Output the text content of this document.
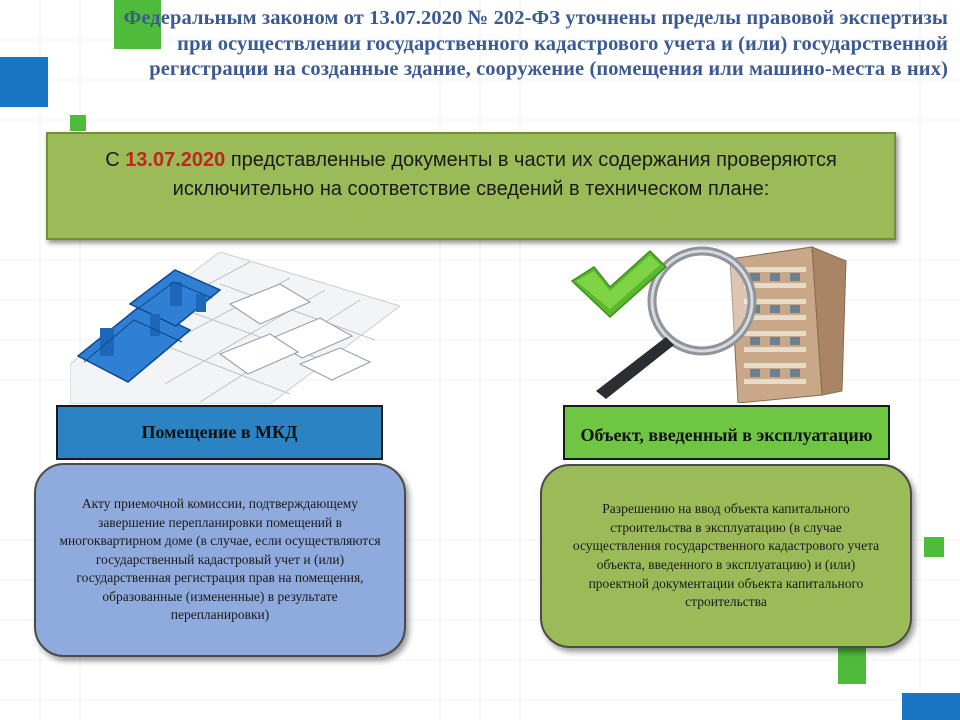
Федеральным законом от 13.07.2020 № 202-ФЗ уточнены пределы правовой экспертизы при осуществлении государственного кадастрового учета и (или) государственной регистрации на созданные здание, сооружение (помещения или машино-места в них)
С 13.07.2020 представленные документы в части их содержания проверяются исключительно на соответствие сведений в техническом плане:
Помещение в МКД	Объект, введенный в эксплуатацию
Акту приемочной комиссии, подтверждающему завершение перепланировки помещений в многоквартирном доме (в случае, если осуществляются государственный кадастровый учет и (или) государственная регистрация прав на помещения, образованные (измененные) в результате перепланировки)
Разрешению на ввод объекта капитального строительства в эксплуатацию (в случае осуществления государственного кадастрового учета объекта, введенного в эксплуатацию) и (или) проектной документации объекта капитального строительства
